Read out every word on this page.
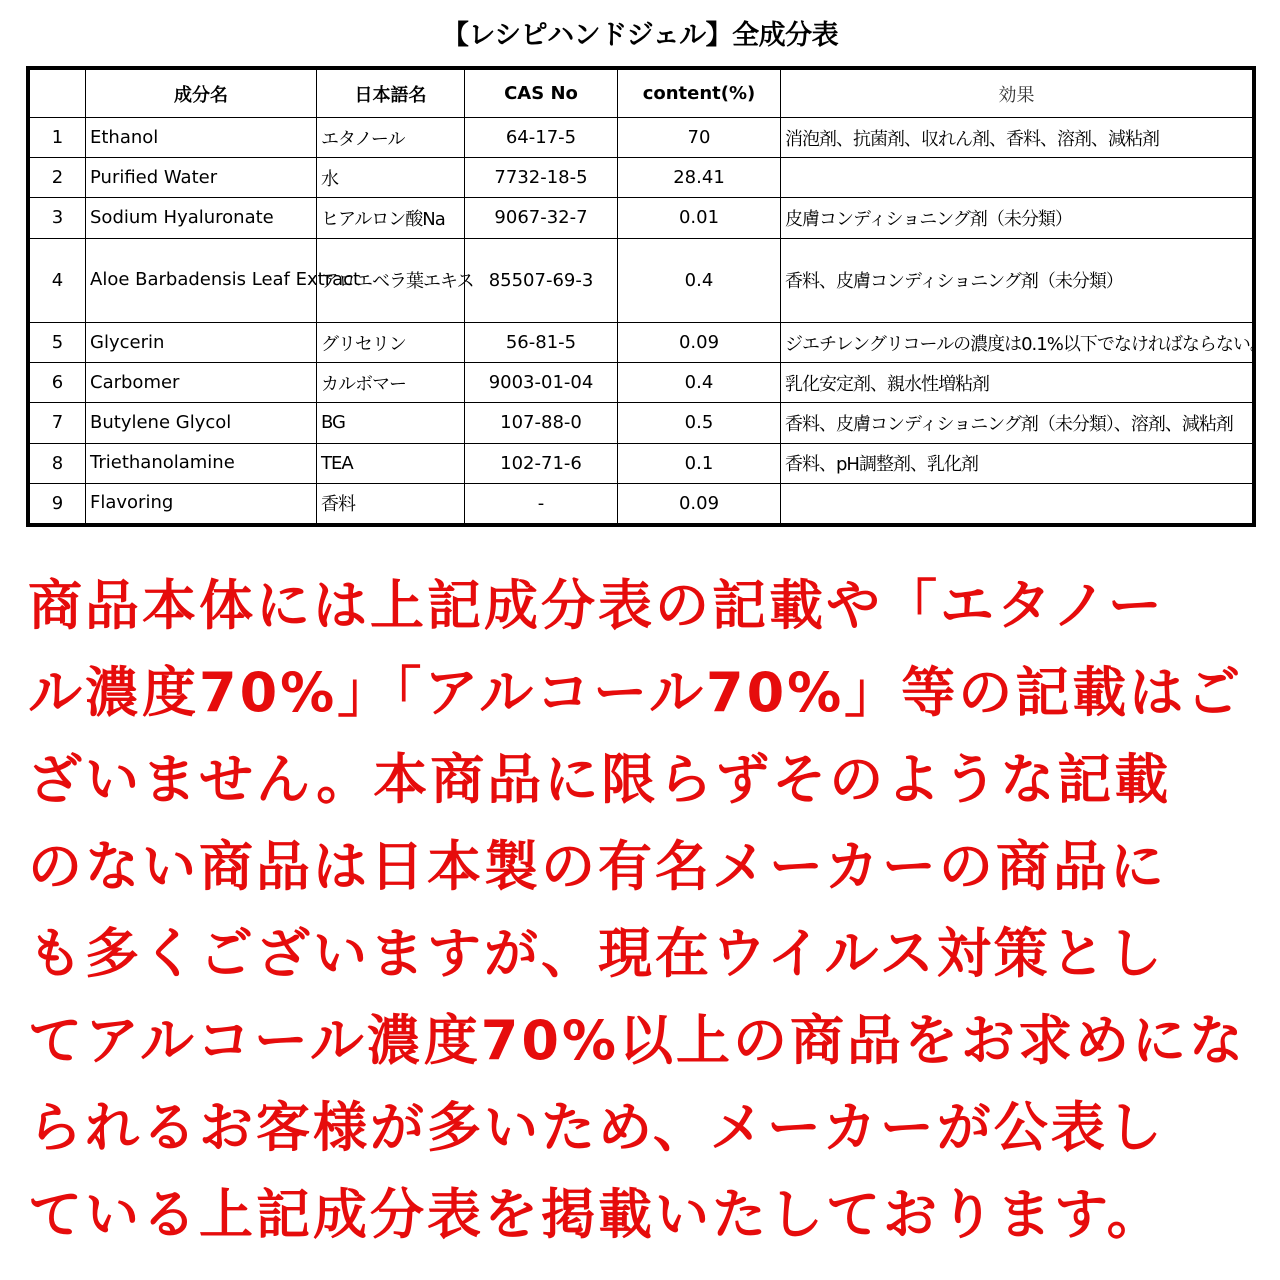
【レシピハンドジェル】全成分表
	成分名	日本語名	CAS No	content(%)	効果
1	Ethanol	エタノール	64-17-5	70	消泡剤、抗菌剤、収れん剤、香料、溶剤、減粘剤
2	Purified Water	水	7732-18-5	28.41	
3	Sodium Hyaluronate	ヒアルロン酸Na	9067-32-7	0.01	皮膚コンディショニング剤（未分類）
4	Aloe Barbadensis Leaf Extract	アロエベラ葉エキス	85507-69-3	0.4	香料、皮膚コンディショニング剤（未分類）
5	Glycerin	グリセリン	56-81-5	0.09	ジエチレングリコールの濃度は0.1%以下でなければならない。
6	Carbomer	カルボマー	9003-01-04	0.4	乳化安定剤、親水性増粘剤
7	Butylene Glycol	BG	107-88-0	0.5	香料、皮膚コンディショニング剤（未分類）、溶剤、減粘剤
8	Triethanolamine	TEA	102-71-6	0.1	香料、pH調整剤、乳化剤
9	Flavoring	香料	-	0.09	
商品本体には上記成分表の記載や「エタノー
ル濃度70%」「アルコール70%」等の記載はご
ざいません。本商品に限らずそのような記載
のない商品は日本製の有名メーカーの商品に
も多くございますが、現在ウイルス対策とし
てアルコール濃度70%以上の商品をお求めにな
られるお客様が多いため、メーカーが公表し
ている上記成分表を掲載いたしております。
